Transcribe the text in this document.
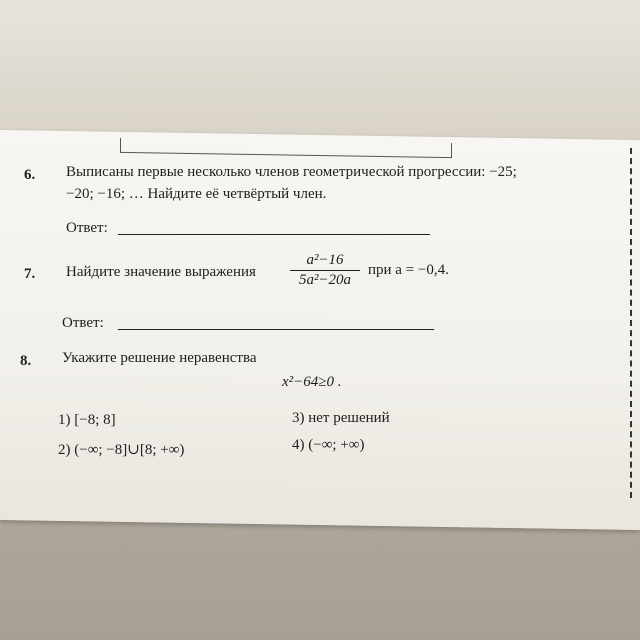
6. Выписаны первые несколько членов геометрической прогрессии: −25;
−20; −16; … Найдите её четвёртый член.
Ответ:
7. Найдите значение выражения
a²−16
5a²−20a
при a = −0,4.
Ответ:
8. Укажите решение неравенства
x²−64≥0 .
1) [−8; 8]
2) (−∞; −8]∪[8; +∞)
3) нет решений
4) (−∞; +∞)
